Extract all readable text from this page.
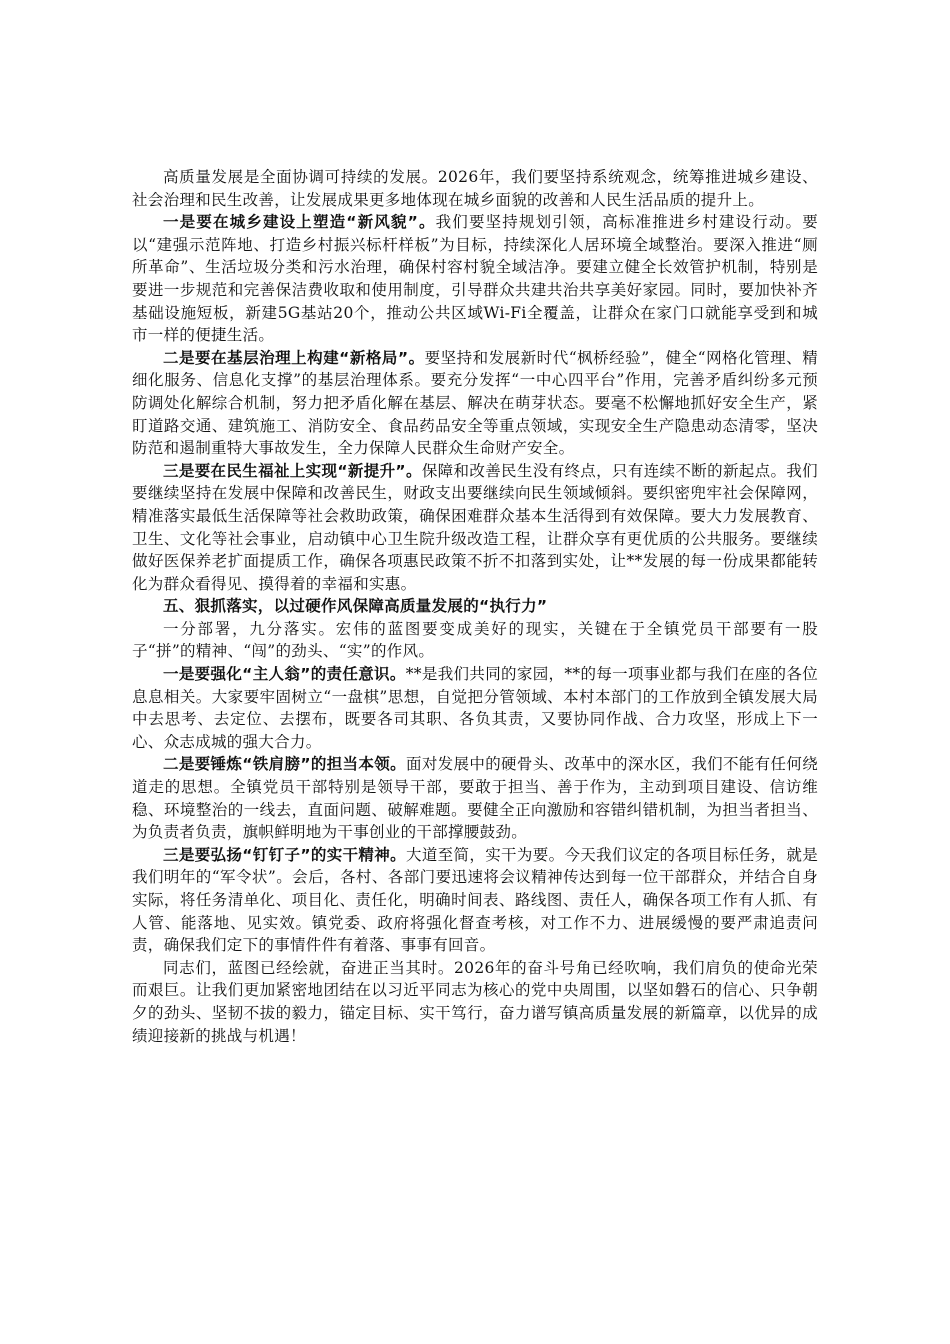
高质量发展是全面协调可持续的发展。2026年，我们要坚持系统观念，统筹推进城乡建设、社会治理和民生改善，让发展成果更多地体现在城乡面貌的改善和人民生活品质的提升上。

一是要在城乡建设上塑造“新风貌”。我们要坚持规划引领，高标准推进乡村建设行动。要以“建强示范阵地、打造乡村振兴标杆样板”为目标，持续深化人居环境全域整治。要深入推进“厕所革命”、生活垃圾分类和污水治理，确保村容村貌全域洁净。要建立健全长效管护机制，特别是要进一步规范和完善保洁费收取和使用制度，引导群众共建共治共享美好家园。同时，要加快补齐基础设施短板，新建5G基站20个，推动公共区域Wi-Fi全覆盖，让群众在家门口就能享受到和城市一样的便捷生活。

二是要在基层治理上构建“新格局”。要坚持和发展新时代“枫桥经验”，健全“网格化管理、精细化服务、信息化支撑”的基层治理体系。要充分发挥“一中心四平台”作用，完善矛盾纠纷多元预防调处化解综合机制，努力把矛盾化解在基层、解决在萌芽状态。要毫不松懈地抓好安全生产，紧盯道路交通、建筑施工、消防安全、食品药品安全等重点领域，实现安全生产隐患动态清零，坚决防范和遏制重特大事故发生，全力保障人民群众生命财产安全。

三是要在民生福祉上实现“新提升”。保障和改善民生没有终点，只有连续不断的新起点。我们要继续坚持在发展中保障和改善民生，财政支出要继续向民生领域倾斜。要织密兜牢社会保障网，精准落实最低生活保障等社会救助政策，确保困难群众基本生活得到有效保障。要大力发展教育、卫生、文化等社会事业，启动镇中心卫生院升级改造工程，让群众享有更优质的公共服务。要继续做好医保养老扩面提质工作，确保各项惠民政策不折不扣落到实处，让**发展的每一份成果都能转化为群众看得见、摸得着的幸福和实惠。

五、狠抓落实，以过硬作风保障高质量发展的“执行力”

一分部署，九分落实。宏伟的蓝图要变成美好的现实，关键在于全镇党员干部要有一股子“拼”的精神、“闯”的劲头、“实”的作风。

一是要强化“主人翁”的责任意识。**是我们共同的家园，**的每一项事业都与我们在座的各位息息相关。大家要牢固树立“一盘棋”思想，自觉把分管领域、本村本部门的工作放到全镇发展大局中去思考、去定位、去摆布，既要各司其职、各负其责，又要协同作战、合力攻坚，形成上下一心、众志成城的强大合力。

二是要锤炼“铁肩膀”的担当本领。面对发展中的硬骨头、改革中的深水区，我们不能有任何绕道走的思想。全镇党员干部特别是领导干部，要敢于担当、善于作为，主动到项目建设、信访维稳、环境整治的一线去，直面问题、破解难题。要健全正向激励和容错纠错机制，为担当者担当、为负责者负责，旗帜鲜明地为干事创业的干部撑腰鼓劲。

三是要弘扬“钉钉子”的实干精神。大道至简，实干为要。今天我们议定的各项目标任务，就是我们明年的“军令状”。会后，各村、各部门要迅速将会议精神传达到每一位干部群众，并结合自身实际，将任务清单化、项目化、责任化，明确时间表、路线图、责任人，确保各项工作有人抓、有人管、能落地、见实效。镇党委、政府将强化督查考核，对工作不力、进展缓慢的要严肃追责问责，确保我们定下的事情件件有着落、事事有回音。

同志们，蓝图已经绘就，奋进正当其时。2026年的奋斗号角已经吹响，我们肩负的使命光荣而艰巨。让我们更加紧密地团结在以习近平同志为核心的党中央周围，以坚如磐石的信心、只争朝夕的劲头、坚韧不拔的毅力，锚定目标、实干笃行，奋力谱写镇高质量发展的新篇章，以优异的成绩迎接新的挑战与机遇！
